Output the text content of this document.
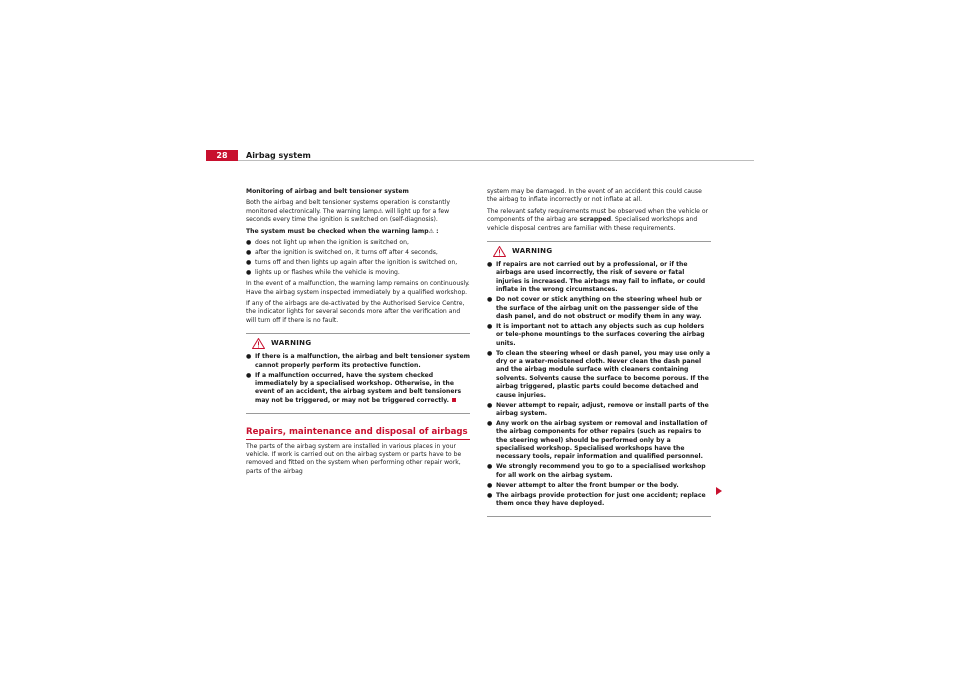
28	Airbag system

Monitoring of airbag and belt tensioner system

Both the airbag and belt tensioner systems operation is constantly monitored electronically. The warning lamp⚠ will light up for a few seconds every time the ignition is switched on (self-diagnosis).

The system must be checked when the warning lamp⚠ :

● does not light up when the ignition is switched on,
● after the ignition is switched on, it turns off after 4 seconds,
● turns off and then lights up again after the ignition is switched on,
● lights up or flashes while the vehicle is moving.

In the event of a malfunction, the warning lamp remains on continuously. Have the airbag system inspected immediately by a qualified workshop.

If any of the airbags are de-activated by the Authorised Service Centre, the indicator lights for several seconds more after the verification and will turn off if there is no fault.

WARNING
● If there is a malfunction, the airbag and belt tensioner system cannot properly perform its protective function.
● If a malfunction occurred, have the system checked immediately by a specialised workshop. Otherwise, in the event of an accident, the airbag system and belt tensioners may not be triggered, or may not be triggered correctly.
Repairs, maintenance and disposal of airbags

The parts of the airbag system are installed in various places in your vehicle. If work is carried out on the airbag system or parts have to be removed and fitted on the system when performing other repair work, parts of the airbag

system may be damaged. In the event of an accident this could cause the airbag to inflate incorrectly or not inflate at all.

The relevant safety requirements must be observed when the vehicle or components of the airbag are scrapped. Specialised workshops and vehicle disposal centres are familiar with these requirements.

WARNING
● If repairs are not carried out by a professional, or if the airbags are used incorrectly, the risk of severe or fatal injuries is increased. The airbags may fail to inflate, or could inflate in the wrong circumstances.
● Do not cover or stick anything on the steering wheel hub or the surface of the airbag unit on the passenger side of the dash panel, and do not obstruct or modify them in any way.
● It is important not to attach any objects such as cup holders or tele-phone mountings to the surfaces covering the airbag units.
● To clean the steering wheel or dash panel, you may use only a dry or a water-moistened cloth. Never clean the dash panel and the airbag module surface with cleaners containing solvents. Solvents cause the surface to become porous. If the airbag triggered, plastic parts could become detached and cause injuries.
● Never attempt to repair, adjust, remove or install parts of the airbag system.
● Any work on the airbag system or removal and installation of the airbag components for other repairs (such as repairs to the steering wheel) should be performed only by a specialised workshop. Specialised workshops have the necessary tools, repair information and qualified personnel.
● We strongly recommend you to go to a specialised workshop for all work on the airbag system.
● Never attempt to alter the front bumper or the body.
● The airbags provide protection for just one accident; replace them once they have deployed.
